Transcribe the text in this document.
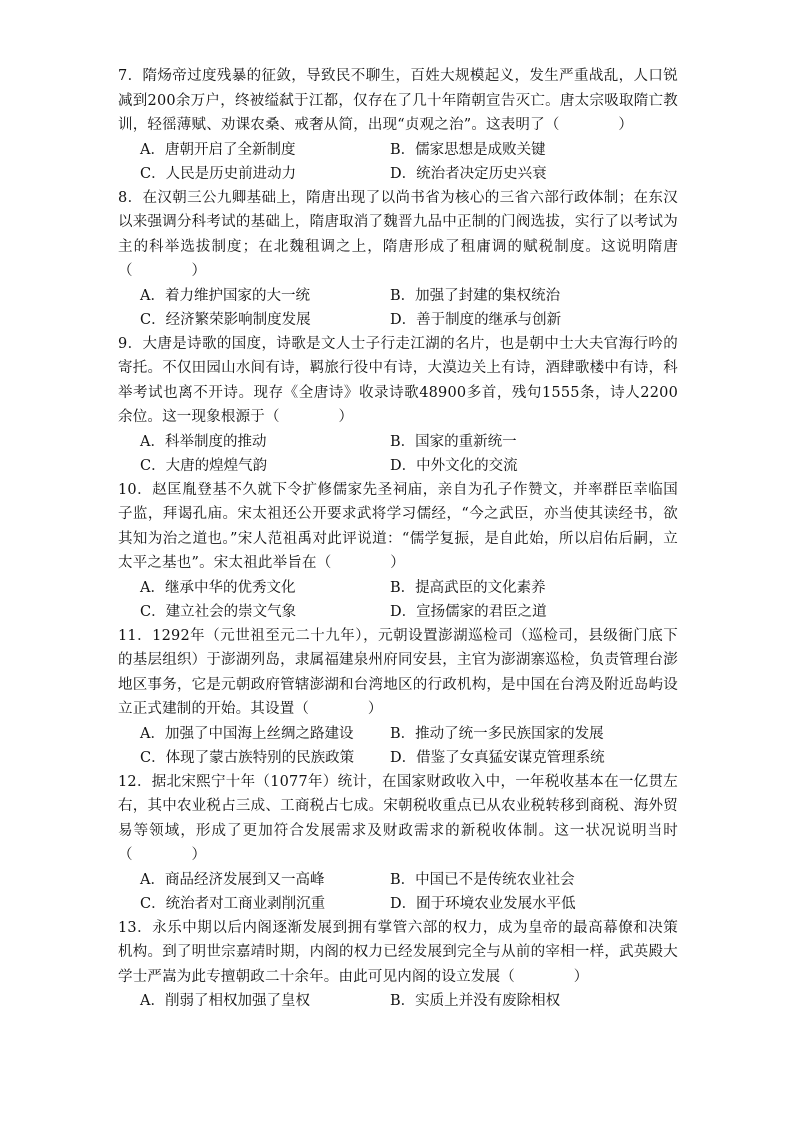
7．隋炀帝过度残暴的征敛，导致民不聊生，百姓大规模起义，发生严重战乱，人口锐减到200余万户，终被缢弑于江都，仅存在了几十年隋朝宣告灭亡。唐太宗吸取隋亡教训，轻徭薄赋、劝课农桑、戒奢从简，出现“贞观之治”。这表明了（　　　　）

A．唐朝开启了全新制度	B．儒家思想是成败关键
C．人民是历史前进动力	D．统治者决定历史兴衰

8．在汉朝三公九卿基础上，隋唐出现了以尚书省为核心的三省六部行政体制；在东汉以来强调分科考试的基础上，隋唐取消了魏晋九品中正制的门阀选拔，实行了以考试为主的科举选拔制度；在北魏租调之上，隋唐形成了租庸调的赋税制度。这说明隋唐（　　　　）

A．着力维护国家的大一统	B．加强了封建的集权统治
C．经济繁荣影响制度发展	D．善于制度的继承与创新

9．大唐是诗歌的国度，诗歌是文人士子行走江湖的名片，也是朝中士大夫官海行吟的寄托。不仅田园山水间有诗，羁旅行役中有诗，大漠边关上有诗，酒肆歌楼中有诗，科举考试也离不开诗。现存《全唐诗》收录诗歌48900多首，残句1555条，诗人2200余位。这一现象根源于（　　　　）

A．科举制度的推动	B．国家的重新统一
C．大唐的煌煌气韵	D．中外文化的交流

10．赵匡胤登基不久就下令扩修儒家先圣祠庙，亲自为孔子作赞文，并率群臣幸临国子监，拜谒孔庙。宋太祖还公开要求武将学习儒经，“今之武臣，亦当使其读经书，欲其知为治之道也。”宋人范祖禹对此评说道：“儒学复振，是自此始，所以启佑后嗣，立太平之基也”。宋太祖此举旨在（　　　　）

A．继承中华的优秀文化	B．提高武臣的文化素养
C．建立社会的崇文气象	D．宣扬儒家的君臣之道

11．1292年（元世祖至元二十九年），元朝设置澎湖巡检司（巡检司，县级衙门底下的基层组织）于澎湖列岛，隶属福建泉州府同安县，主官为澎湖寨巡检，负责管理台澎地区事务，它是元朝政府管辖澎湖和台湾地区的行政机构，是中国在台湾及附近岛屿设立正式建制的开始。其设置（　　　　）

A．加强了中国海上丝绸之路建设	B．推动了统一多民族国家的发展
C．体现了蒙古族特别的民族政策	D．借鉴了女真猛安谋克管理系统

12．据北宋熙宁十年（1077年）统计，在国家财政收入中，一年税收基本在一亿贯左右，其中农业税占三成、工商税占七成。宋朝税收重点已从农业税转移到商税、海外贸易等领域，形成了更加符合发展需求及财政需求的新税收体制。这一状况说明当时（　　　　）

A．商品经济发展到又一高峰	B．中国已不是传统农业社会
C．统治者对工商业剥削沉重	D．囿于环境农业发展水平低

13．永乐中期以后内阁逐渐发展到拥有掌管六部的权力，成为皇帝的最高幕僚和决策机构。到了明世宗嘉靖时期，内阁的权力已经发展到完全与从前的宰相一样，武英殿大学士严嵩为此专擅朝政二十余年。由此可见内阁的设立发展（　　　　）

A．削弱了相权加强了皇权	B．实质上并没有废除相权
